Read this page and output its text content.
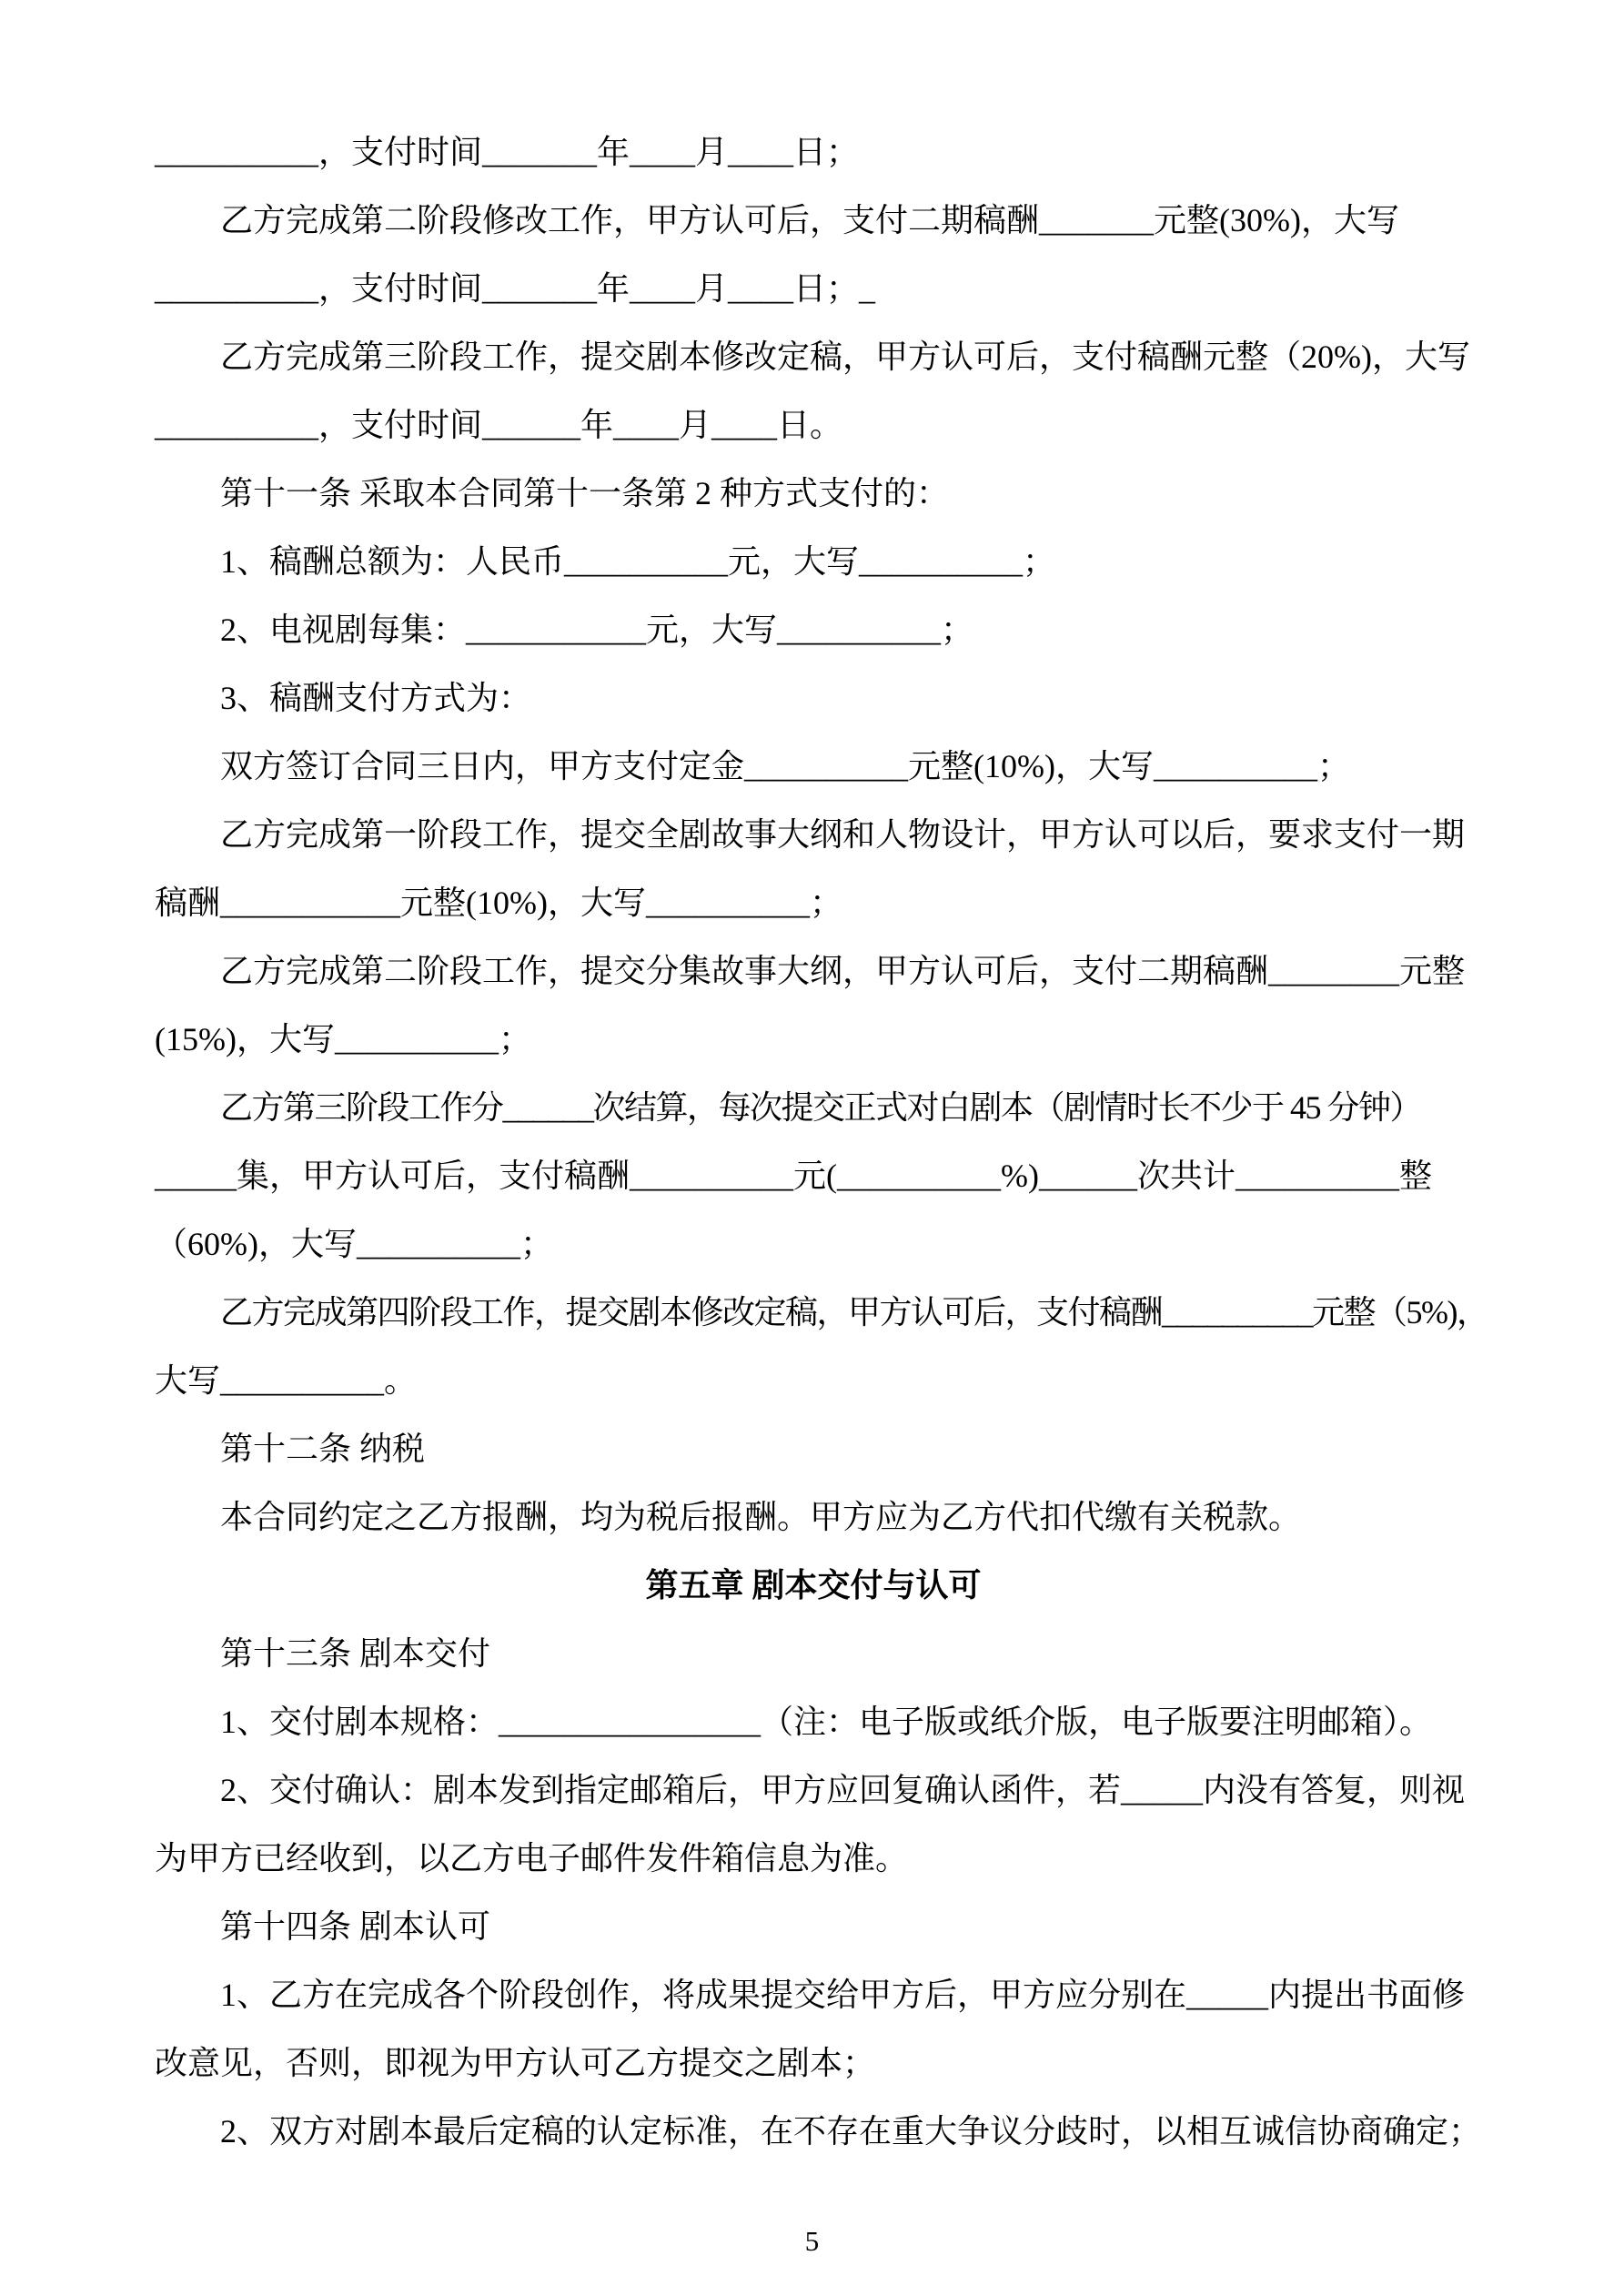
__________，支付时间_______年____月____日；

乙方完成第二阶段修改工作，甲方认可后，支付二期稿酬_______元整(30%)，大写

__________，支付时间_______年____月____日；_

乙方完成第三阶段工作，提交剧本修改定稿，甲方认可后，支付稿酬元整（20%)，大写

__________，支付时间______年____月____日。

第十一条 采取本合同第十一条第 2 种方式支付的：

1、稿酬总额为：人民币__________元，大写__________；

2、电视剧每集：___________元，大写__________；

3、稿酬支付方式为：

双方签订合同三日内，甲方支付定金__________元整(10%)，大写__________；

乙方完成第一阶段工作，提交全剧故事大纲和人物设计，甲方认可以后，要求支付一期

稿酬___________元整(10%)，大写__________；

乙方完成第二阶段工作，提交分集故事大纲，甲方认可后，支付二期稿酬________元整

(15%)，大写__________；

乙方第三阶段工作分______次结算，每次提交正式对白剧本（剧情时长不少于 45 分钟）

_____集，甲方认可后，支付稿酬__________元(__________%)______次共计__________整

（60%)，大写__________；

乙方完成第四阶段工作，提交剧本修改定稿，甲方认可后，支付稿酬__________元整（5%)，

大写__________。

第十二条 纳税

本合同约定之乙方报酬，均为税后报酬。甲方应为乙方代扣代缴有关税款。

第五章 剧本交付与认可

第十三条 剧本交付

1、交付剧本规格：________________（注：电子版或纸介版，电子版要注明邮箱）。

2、交付确认：剧本发到指定邮箱后，甲方应回复确认函件，若_____内没有答复，则视

为甲方已经收到，以乙方电子邮件发件箱信息为准。

第十四条 剧本认可

1、乙方在完成各个阶段创作，将成果提交给甲方后，甲方应分别在_____内提出书面修

改意见，否则，即视为甲方认可乙方提交之剧本；

2、双方对剧本最后定稿的认定标准，在不存在重大争议分歧时，以相互诚信协商确定；

5
